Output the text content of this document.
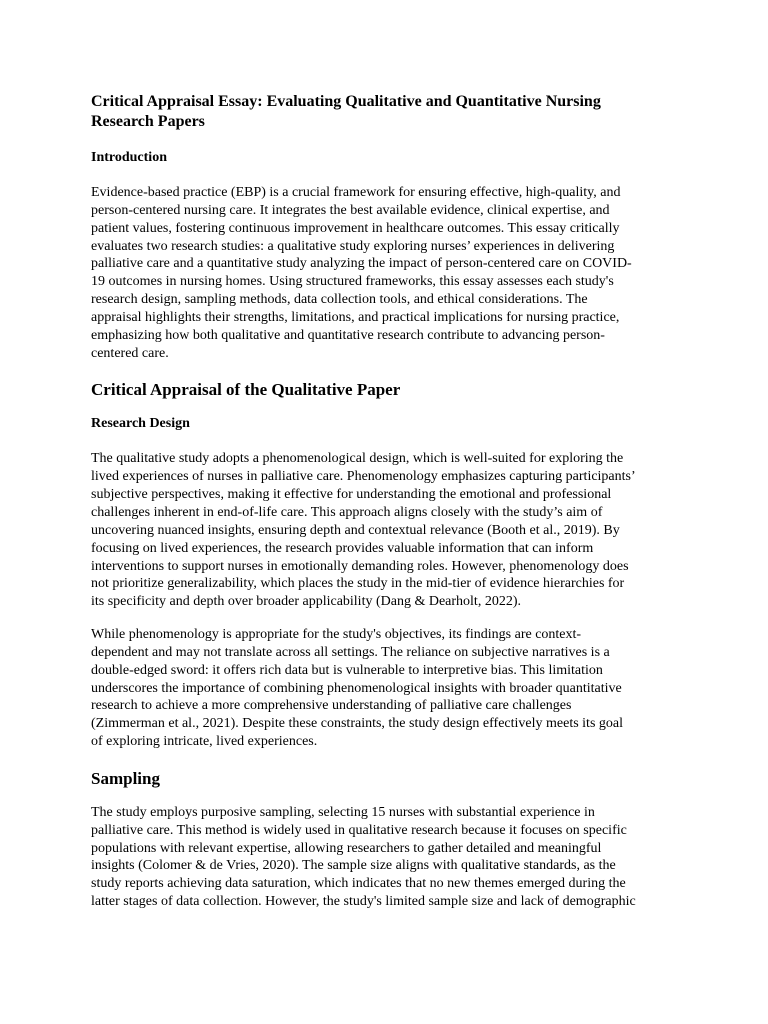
Critical Appraisal Essay: Evaluating Qualitative and Quantitative Nursing
Research Papers
Introduction
Evidence-based practice (EBP) is a crucial framework for ensuring effective, high-quality, and
person-centered nursing care. It integrates the best available evidence, clinical expertise, and
patient values, fostering continuous improvement in healthcare outcomes. This essay critically
evaluates two research studies: a qualitative study exploring nurses’ experiences in delivering
palliative care and a quantitative study analyzing the impact of person-centered care on COVID-
19 outcomes in nursing homes. Using structured frameworks, this essay assesses each study's
research design, sampling methods, data collection tools, and ethical considerations. The
appraisal highlights their strengths, limitations, and practical implications for nursing practice,
emphasizing how both qualitative and quantitative research contribute to advancing person-
centered care.
Critical Appraisal of the Qualitative Paper
Research Design
The qualitative study adopts a phenomenological design, which is well-suited for exploring the
lived experiences of nurses in palliative care. Phenomenology emphasizes capturing participants’
subjective perspectives, making it effective for understanding the emotional and professional
challenges inherent in end-of-life care. This approach aligns closely with the study’s aim of
uncovering nuanced insights, ensuring depth and contextual relevance (Booth et al., 2019). By
focusing on lived experiences, the research provides valuable information that can inform
interventions to support nurses in emotionally demanding roles. However, phenomenology does
not prioritize generalizability, which places the study in the mid-tier of evidence hierarchies for
its specificity and depth over broader applicability (Dang & Dearholt, 2022).
While phenomenology is appropriate for the study's objectives, its findings are context-
dependent and may not translate across all settings. The reliance on subjective narratives is a
double-edged sword: it offers rich data but is vulnerable to interpretive bias. This limitation
underscores the importance of combining phenomenological insights with broader quantitative
research to achieve a more comprehensive understanding of palliative care challenges
(Zimmerman et al., 2021). Despite these constraints, the study design effectively meets its goal
of exploring intricate, lived experiences.
Sampling
The study employs purposive sampling, selecting 15 nurses with substantial experience in
palliative care. This method is widely used in qualitative research because it focuses on specific
populations with relevant expertise, allowing researchers to gather detailed and meaningful
insights (Colomer & de Vries, 2020). The sample size aligns with qualitative standards, as the
study reports achieving data saturation, which indicates that no new themes emerged during the
latter stages of data collection. However, the study's limited sample size and lack of demographic
